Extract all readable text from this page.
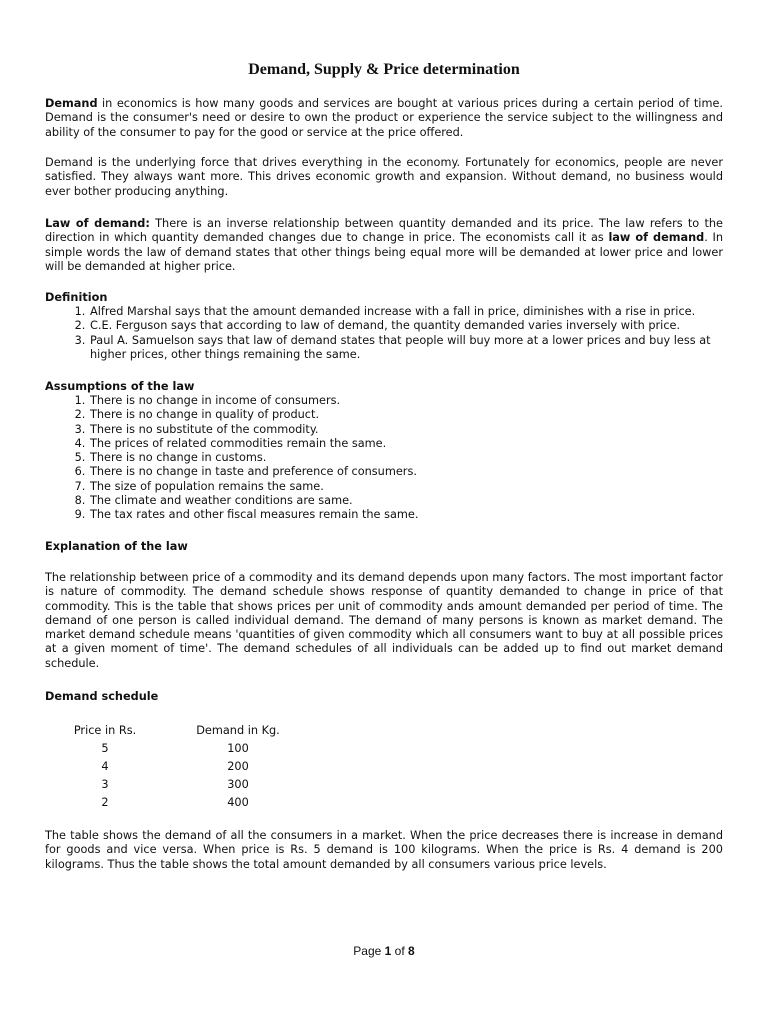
Demand, Supply & Price determination

Demand in economics is how many goods and services are bought at various prices during a certain period of time. Demand is the consumer's need or desire to own the product or experience the service subject to the willingness and ability of the consumer to pay for the good or service at the price offered.

Demand is the underlying force that drives everything in the economy. Fortunately for economics, people are never satisfied. They always want more. This drives economic growth and expansion. Without demand, no business would ever bother producing anything.

Law of demand: There is an inverse relationship between quantity demanded and its price. The law refers to the direction in which quantity demanded changes due to change in price. The economists call it as law of demand. In simple words the law of demand states that other things being equal more will be demanded at lower price and lower will be demanded at higher price.

Definition
1. Alfred Marshal says that the amount demanded increase with a fall in price, diminishes with a rise in price.
2. C.E. Ferguson says that according to law of demand, the quantity demanded varies inversely with price.
3. Paul A. Samuelson says that law of demand states that people will buy more at a lower prices and buy less at higher prices, other things remaining the same.
Assumptions of the law
1. There is no change in income of consumers.
2. There is no change in quality of product.
3. There is no substitute of the commodity.
4. The prices of related commodities remain the same.
5. There is no change in customs.
6. There is no change in taste and preference of consumers.
7. The size of population remains the same.
8. The climate and weather conditions are same.
9. The tax rates and other fiscal measures remain the same.
Explanation of the law

The relationship between price of a commodity and its demand depends upon many factors. The most important factor is nature of commodity. The demand schedule shows response of quantity demanded to change in price of that commodity. This is the table that shows prices per unit of commodity ands amount demanded per period of time. The demand of one person is called individual demand. The demand of many persons is known as market demand. The market demand schedule means 'quantities of given commodity which all consumers want to buy at all possible prices at a given moment of time'. The demand schedules of all individuals can be added up to find out market demand schedule.

Demand schedule
Price in Rs.	Demand in Kg.
5	100
4	200
3	300
2	400

The table shows the demand of all the consumers in a market. When the price decreases there is increase in demand for goods and vice versa. When price is Rs. 5 demand is 100 kilograms. When the price is Rs. 4 demand is 200 kilograms. Thus the table shows the total amount demanded by all consumers various price levels.

Page 1 of 8
